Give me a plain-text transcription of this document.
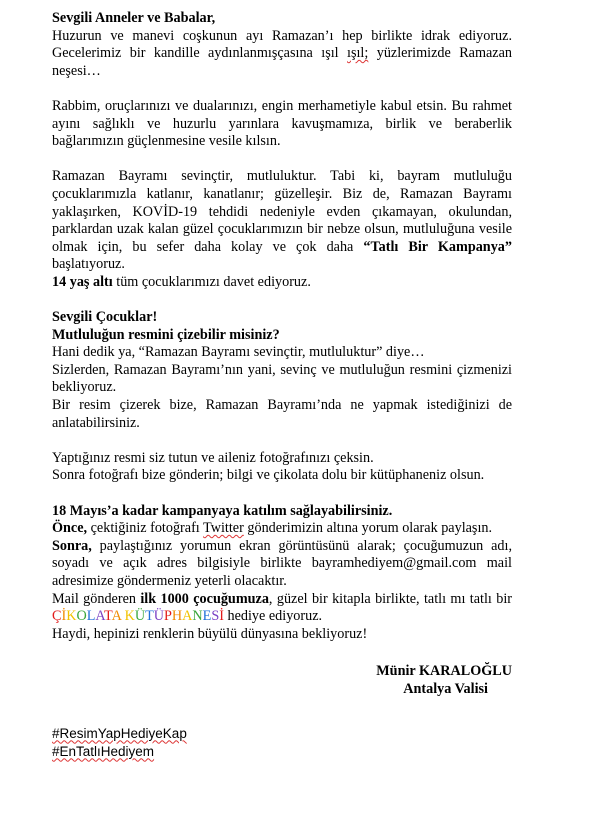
Sevgili Anneler ve Babalar,

Huzurun ve manevi coşkunun ayı Ramazan’ı hep birlikte idrak ediyoruz. Gecelerimiz bir kandille aydınlanmışçasına ışıl ışıl; yüzlerimizde Ramazan neşesi…

Rabbim, oruçlarınızı ve dualarınızı, engin merhametiyle kabul etsin. Bu rahmet ayını sağlıklı ve huzurlu yarınlara kavuşmamıza, birlik ve beraberlik bağlarımızın güçlenmesine vesile kılsın.

Ramazan Bayramı sevinçtir, mutluluktur. Tabi ki, bayram mutluluğu çocuklarımızla katlanır, kanatlanır; güzelleşir. Biz de, Ramazan Bayramı yaklaşırken, KOVİD-19 tehdidi nedeniyle evden çıkamayan, okulundan, parklardan uzak kalan güzel çocuklarımızın bir nebze olsun, mutluluğuna vesile olmak için, bu sefer daha kolay ve çok daha “Tatlı Bir Kampanya” başlatıyoruz.
14 yaş altı tüm çocuklarımızı davet ediyoruz.

Sevgili Çocuklar!

Mutluluğun resmini çizebilir misiniz?

Hani dedik ya, “Ramazan Bayramı sevinçtir, mutluluktur” diye…

Sizlerden, Ramazan Bayramı’nın yani, sevinç ve mutluluğun resmini çizmenizi bekliyoruz.

Bir resim çizerek bize, Ramazan Bayramı’nda ne yapmak istediğinizi de anlatabilirsiniz.

Yaptığınız resmi siz tutun ve aileniz fotoğrafınızı çeksin.

Sonra fotoğrafı bize gönderin; bilgi ve çikolata dolu bir kütüphaneniz olsun.

18 Mayıs’a kadar kampanyaya katılım sağlayabilirsiniz.

Önce, çektiğiniz fotoğrafı Twitter gönderimizin altına yorum olarak paylaşın.

Sonra, paylaştığınız yorumun ekran görüntüsünü alarak; çocuğumuzun adı, soyadı ve açık adres bilgisiyle birlikte bayramhediyem@gmail.com mail adresimize göndermeniz yeterli olacaktır.

Mail gönderen ilk 1000 çocuğumuza, güzel bir kitapla birlikte, tatlı mı tatlı bir ÇİKOLATA KÜTÜPHANESİ hediye ediyoruz.

Haydi, hepinizi renklerin büyülü dünyasına bekliyoruz!

Münir KARALOĞLU
Antalya Valisi
#ResimYapHediyeKap
#EnTatlıHediyem
